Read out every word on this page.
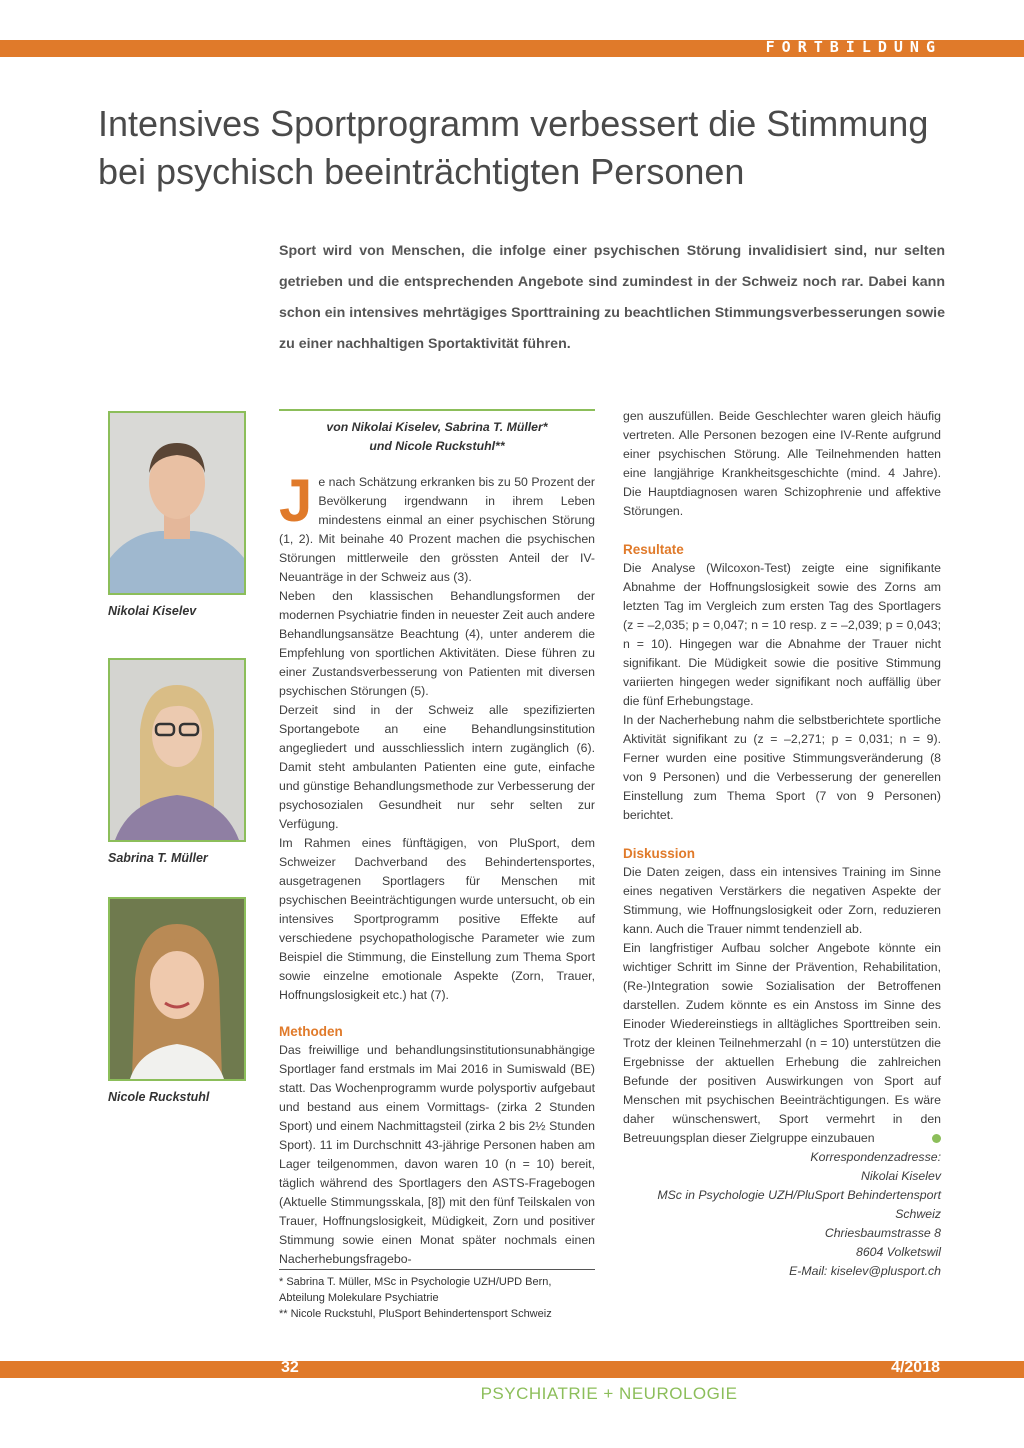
FORTBILDUNG
Intensives Sportprogramm verbessert die Stimmung
bei psychisch beeinträchtigten Personen

Sport wird von Menschen, die infolge einer psychischen Störung invalidisiert sind, nur selten getrieben und die entsprechenden Angebote sind zumindest in der Schweiz noch rar. Dabei kann schon ein intensives mehrtägiges Sporttraining zu beachtlichen Stimmungsverbesserungen sowie zu einer nachhaltigen Sportaktivität führen.

Nikolai Kiselev
Sabrina T. Müller
Nicole Ruckstuhl
von Nikolai Kiselev, Sabrina T. Müller*
und Nicole Ruckstuhl**

Je nach Schätzung erkranken bis zu 50 Prozent der Bevölkerung irgendwann in ihrem Leben mindestens einmal an einer psychischen Störung (1, 2). Mit beinahe 40 Prozent machen die psychischen Störungen mittlerweile den grössten Anteil der IV-Neuanträge in der Schweiz aus (3).

Neben den klassischen Behandlungsformen der modernen Psychiatrie finden in neuester Zeit auch andere Behandlungsansätze Beachtung (4), unter anderem die Empfehlung von sportlichen Aktivitäten. Diese führen zu einer Zustandsverbesserung von Patienten mit diversen psychischen Störungen (5).

Derzeit sind in der Schweiz alle spezifizierten Sportangebote an eine Behandlungsinstitution angegliedert und ausschliesslich intern zugänglich (6). Damit steht ambulanten Patienten eine gute, einfache und günstige Behandlungsmethode zur Verbesserung der psychosozialen Gesundheit nur sehr selten zur Verfügung.

Im Rahmen eines fünftägigen, von PluSport, dem Schweizer Dachverband des Behindertensportes, ausgetragenen Sportlagers für Menschen mit psychischen Beeinträchtigungen wurde untersucht, ob ein intensives Sportprogramm positive Effekte auf verschiedene psychopathologische Parameter wie zum Beispiel die Stimmung, die Einstellung zum Thema Sport sowie einzelne emotionale Aspekte (Zorn, Trauer, Hoffnungslosigkeit etc.) hat (7).

Methoden

Das freiwillige und behandlungsinstitutionsunabhängige Sportlager fand erstmals im Mai 2016 in Sumiswald (BE) statt. Das Wochenprogramm wurde polysportiv aufgebaut und bestand aus einem Vormittags- (zirka 2 Stunden Sport) und einem Nachmittagsteil (zirka 2 bis 2½ Stunden Sport). 11 im Durchschnitt 43-jährige Personen haben am Lager teilgenommen, davon waren 10 (n = 10) bereit, täglich während des Sportlagers den ASTS-Fragebogen (Aktuelle Stimmungsskala, [8]) mit den fünf Teilskalen von Trauer, Hoffnungslosigkeit, Müdigkeit, Zorn und positiver Stimmung sowie einen Monat später nochmals einen Nacherhebungsfragebo-

gen auszufüllen. Beide Geschlechter waren gleich häufig vertreten. Alle Personen bezogen eine IV-Rente aufgrund einer psychischen Störung. Alle Teilnehmenden hatten eine langjährige Krankheitsgeschichte (mind. 4 Jahre). Die Hauptdiagnosen waren Schizophrenie und affektive Störungen.

Resultate

Die Analyse (Wilcoxon-Test) zeigte eine signifikante Abnahme der Hoffnungslosigkeit sowie des Zorns am letzten Tag im Vergleich zum ersten Tag des Sportlagers (z = –2,035; p = 0,047; n = 10 resp. z = –2,039; p = 0,043; n = 10). Hingegen war die Abnahme der Trauer nicht signifikant. Die Müdigkeit sowie die positive Stimmung variierten hingegen weder signifikant noch auffällig über die fünf Erhebungstage.

In der Nacherhebung nahm die selbstberichtete sportliche Aktivität signifikant zu (z = –2,271; p = 0,031; n = 9). Ferner wurden eine positive Stimmungsveränderung (8 von 9 Personen) und die Verbesserung der generellen Einstellung zum Thema Sport (7 von 9 Personen) berichtet.

Diskussion

Die Daten zeigen, dass ein intensives Training im Sinne eines negativen Verstärkers die negativen Aspekte der Stimmung, wie Hoffnungslosigkeit oder Zorn, reduzieren kann. Auch die Trauer nimmt tendenziell ab.

Ein langfristiger Aufbau solcher Angebote könnte ein wichtiger Schritt im Sinne der Prävention, Rehabilitation, (Re-)Integration sowie Sozialisation der Betroffenen darstellen. Zudem könnte es ein Anstoss im Sinne des Einoder Wiedereinstiegs in alltägliches Sporttreiben sein. Trotz der kleinen Teilnehmerzahl (n = 10) unterstützen die Ergebnisse der aktuellen Erhebung die zahlreichen Befunde der positiven Auswirkungen von Sport auf Menschen mit psychischen Beeinträchtigungen. Es wäre daher wünschenswert, Sport vermehrt in den Betreuungsplan dieser Zielgruppe einzubauen

Korrespondenzadresse:
Nikolai Kiselev
MSc in Psychologie UZH/PluSport Behindertensport Schweiz
Chriesbaumstrasse 8
8604 Volketswil
E-Mail: kiselev@plusport.ch

* Sabrina T. Müller, MSc in Psychologie UZH/UPD Bern, Abteilung Molekulare Psychiatrie

** Nicole Ruckstuhl, PluSport Behindertensport Schweiz

32	4/2018
PSYCHIATRIE + NEUROLOGIE
